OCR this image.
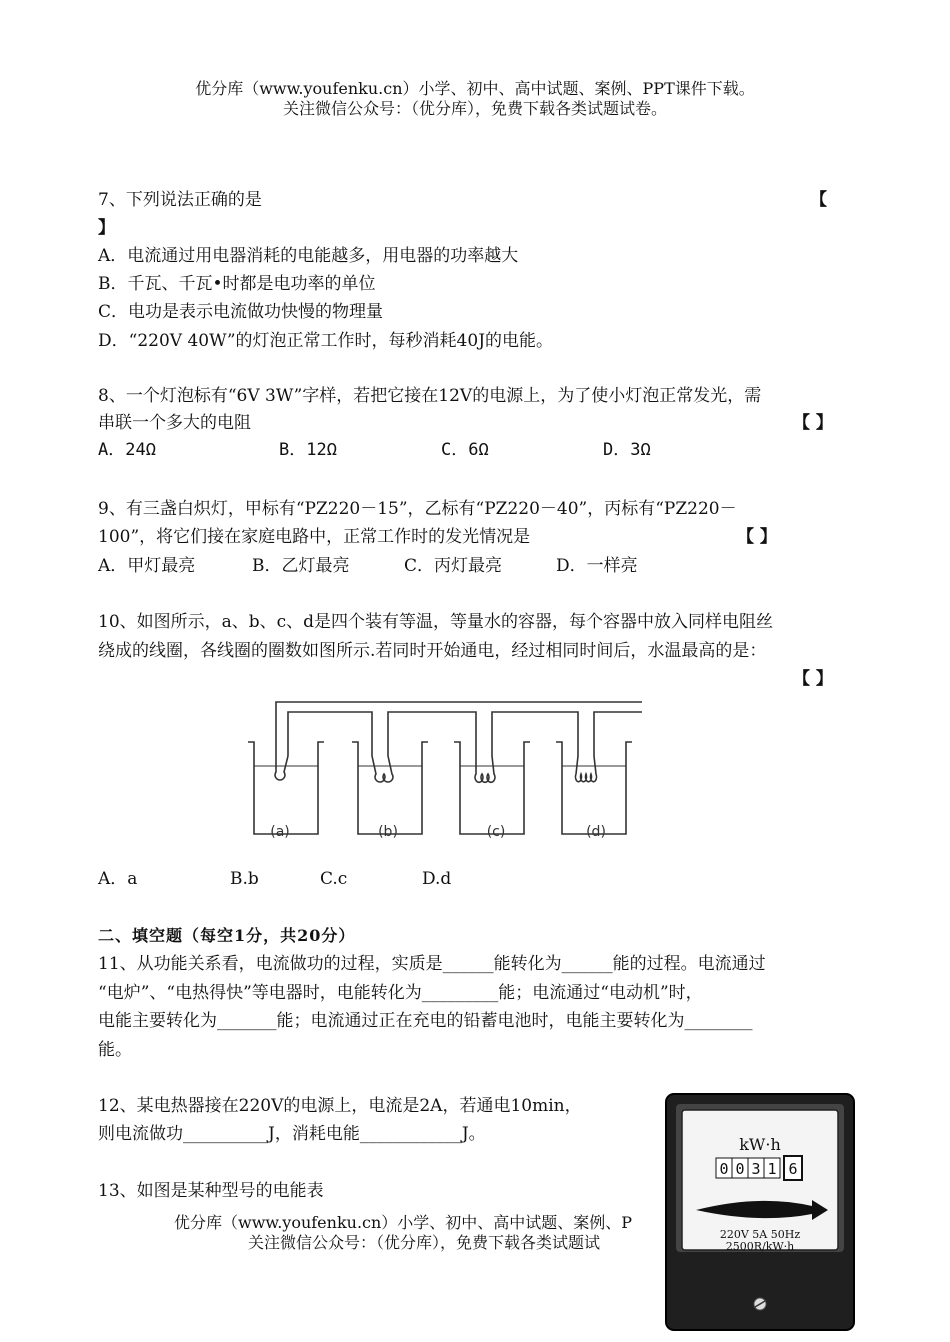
优分库（www.youfenku.cn）小学、初中、高中试题、案例、PPT课件下载。
关注微信公众号：（优分库），免费下载各类试题试卷。
7、下列说法正确的是	【
】
A．电流通过用电器消耗的电能越多，用电器的功率越大
B．千瓦、千瓦•时都是电功率的单位
C．电功是表示电流做功快慢的物理量
D．“220V 40W”的灯泡正常工作时，每秒消耗40J的电能。
8、一个灯泡标有“6V 3W”字样，若把它接在12V的电源上，为了使小灯泡正常发光，需
串联一个多大的电阻	【 】
A．24Ω	B．12Ω	C．6Ω	D．3Ω
9、有三盏白炽灯，甲标有“PZ220－15”，乙标有“PZ220－40”，丙标有“PZ220－
100”，将它们接在家庭电路中，正常工作时的发光情况是	【 】
A．甲灯最亮	B．乙灯最亮	C．丙灯最亮	D．一样亮
10、如图所示，a、b、c、d是四个装有等温，等量水的容器，每个容器中放入同样电阻丝
绕成的线圈，各线圈的圈数如图所示.若同时开始通电，经过相同时间后，水温最高的是：
【 】
(a)	(b)	(c)	(d)
A．a	B.b	C.c	D.d
二、填空题（每空1分，共20分）
11、从功能关系看，电流做功的过程，实质是______能转化为______能的过程。电流通过
“电炉”、“电热得快”等电器时，电能转化为_________能；电流通过“电动机”时，
电能主要转化为_______能；电流通过正在充电的铅蓄电池时，电能主要转化为________
能。
12、某电热器接在220V的电源上，电流是2A，若通电10min，
则电流做功__________J，消耗电能____________J。
13、如图是某种型号的电能表
优分库（www.youfenku.cn）小学、初中、高中试题、案例、P
关注微信公众号：（优分库），免费下载各类试题试
kW·h
0 0 3 1 6
220V 5A 50Hz
2500R/kW·h
